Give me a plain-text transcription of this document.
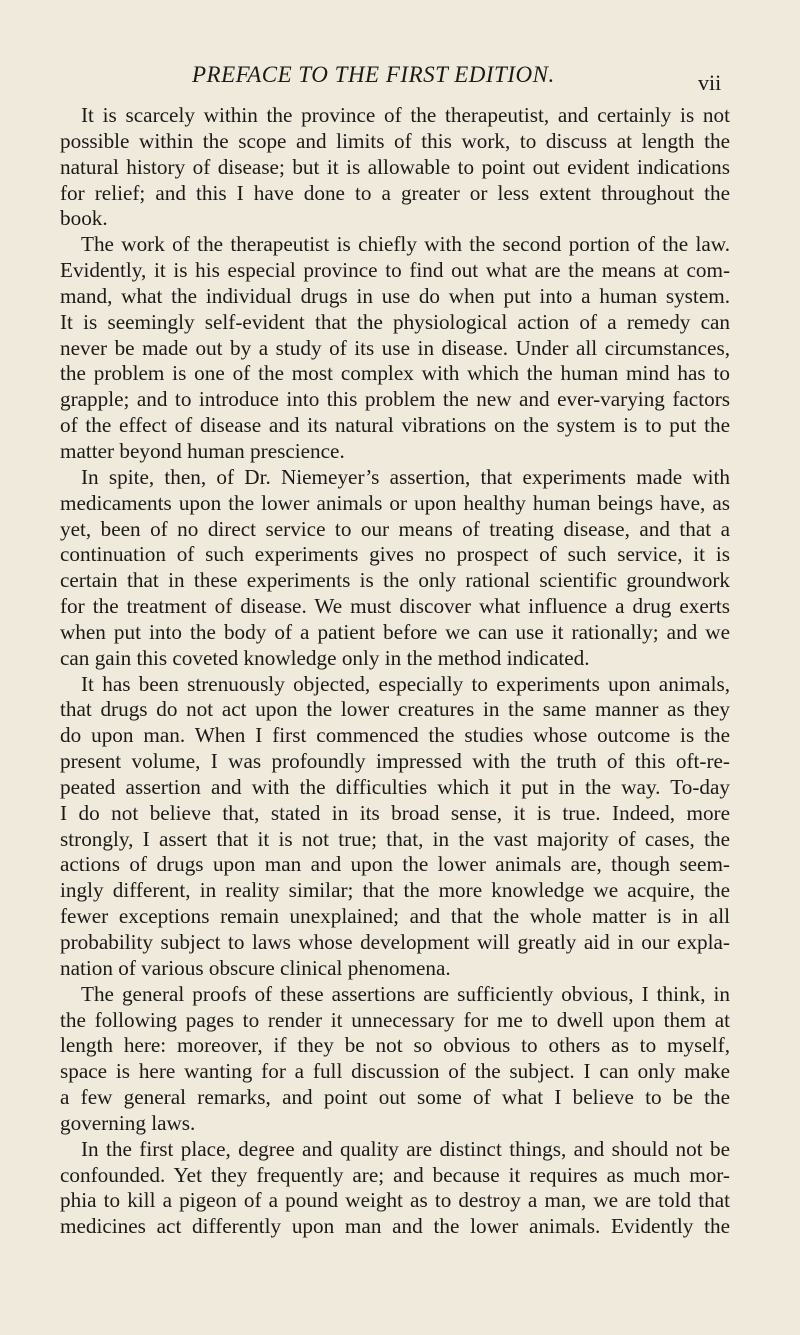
PREFACE TO THE FIRST EDITION.	vii
It is scarcely within the province of the therapeutist, and certainly is not
possible within the scope and limits of this work, to discuss at length the
natural history of disease; but it is allowable to point out evident indications
for relief; and this I have done to a greater or less extent throughout the
book.
The work of the therapeutist is chiefly with the second portion of the law.
Evidently, it is his especial province to find out what are the means at com-
mand, what the individual drugs in use do when put into a human system.
It is seemingly self-evident that the physiological action of a remedy can
never be made out by a study of its use in disease. Under all circumstances,
the problem is one of the most complex with which the human mind has to
grapple; and to introduce into this problem the new and ever-varying factors
of the effect of disease and its natural vibrations on the system is to put the
matter beyond human prescience.
In spite, then, of Dr. Niemeyer’s assertion, that experiments made with
medicaments upon the lower animals or upon healthy human beings have, as
yet, been of no direct service to our means of treating disease, and that a
continuation of such experiments gives no prospect of such service, it is
certain that in these experiments is the only rational scientific groundwork
for the treatment of disease. We must discover what influence a drug exerts
when put into the body of a patient before we can use it rationally; and we
can gain this coveted knowledge only in the method indicated.
It has been strenuously objected, especially to experiments upon animals,
that drugs do not act upon the lower creatures in the same manner as they
do upon man. When I first commenced the studies whose outcome is the
present volume, I was profoundly impressed with the truth of this oft-re-
peated assertion and with the difficulties which it put in the way. To-day
I do not believe that, stated in its broad sense, it is true. Indeed, more
strongly, I assert that it is not true; that, in the vast majority of cases, the
actions of drugs upon man and upon the lower animals are, though seem-
ingly different, in reality similar; that the more knowledge we acquire, the
fewer exceptions remain unexplained; and that the whole matter is in all
probability subject to laws whose development will greatly aid in our expla-
nation of various obscure clinical phenomena.
The general proofs of these assertions are sufficiently obvious, I think, in
the following pages to render it unnecessary for me to dwell upon them at
length here: moreover, if they be not so obvious to others as to myself,
space is here wanting for a full discussion of the subject. I can only make
a few general remarks, and point out some of what I believe to be the
governing laws.
In the first place, degree and quality are distinct things, and should not be
confounded. Yet they frequently are; and because it requires as much mor-
phia to kill a pigeon of a pound weight as to destroy a man, we are told that
medicines act differently upon man and the lower animals. Evidently the
